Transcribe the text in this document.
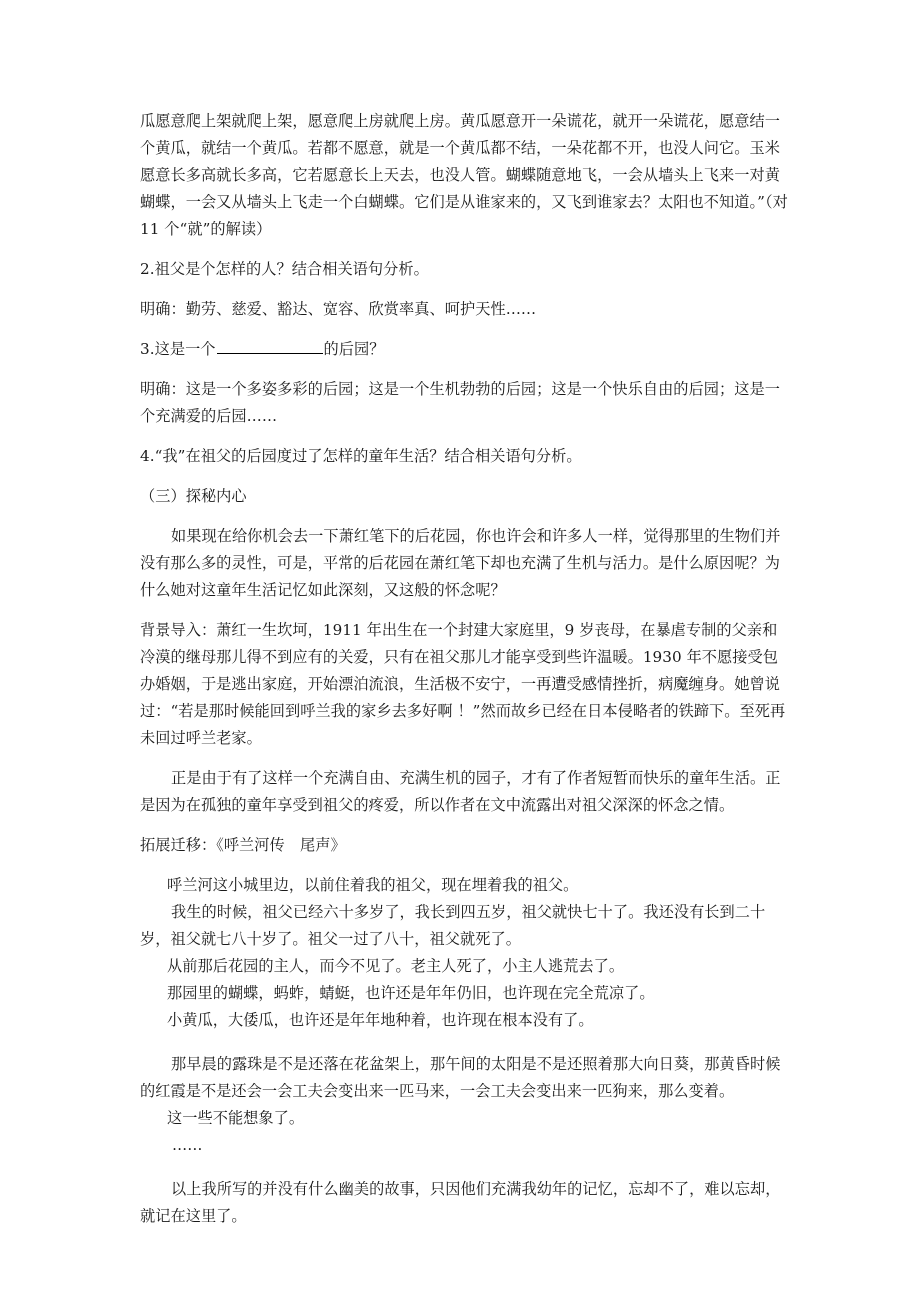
瓜愿意爬上架就爬上架，愿意爬上房就爬上房。黄瓜愿意开一朵谎花，就开一朵谎花，愿意结一个黄瓜，就结一个黄瓜。若都不愿意，就是一个黄瓜都不结，一朵花都不开，也没人问它。玉米愿意长多高就长多高，它若愿意长上天去，也没人管。蝴蝶随意地飞，一会从墙头上飞来一对黄蝴蝶，一会又从墙头上飞走一个白蝴蝶。它们是从谁家来的，又飞到谁家去？太阳也不知道。”（对 11 个“就”的解读）

2.祖父是个怎样的人？结合相关语句分析。

明确：勤劳、慈爱、豁达、宽容、欣赏率真、呵护天性……

3.这是一个	的后园？

明确：这是一个多姿多彩的后园；这是一个生机勃勃的后园；这是一个快乐自由的后园；这是一个充满爱的后园……

4.“我”在祖父的后园度过了怎样的童年生活？结合相关语句分析。

（三）探秘内心

如果现在给你机会去一下萧红笔下的后花园，你也许会和许多人一样，觉得那里的生物们并没有那么多的灵性，可是，平常的后花园在萧红笔下却也充满了生机与活力。是什么原因呢？为什么她对这童年生活记忆如此深刻，又这般的怀念呢？

背景导入：萧红一生坎坷，1911 年出生在一个封建大家庭里，9 岁丧母，在暴虐专制的父亲和冷漠的继母那儿得不到应有的关爱，只有在祖父那儿才能享受到些许温暖。1930 年不愿接受包办婚姻，于是逃出家庭，开始漂泊流浪，生活极不安宁，一再遭受感情挫折，病魔缠身。她曾说过：“若是那时候能回到呼兰我的家乡去多好啊 ！”然而故乡已经在日本侵略者的铁蹄下。至死再未回过呼兰老家。

正是由于有了这样一个充满自由、充满生机的园子，才有了作者短暂而快乐的童年生活。正是因为在孤独的童年享受到祖父的疼爱，所以作者在文中流露出对祖父深深的怀念之情。

拓展迁移：《呼兰河传　尾声》

呼兰河这小城里边，以前住着我的祖父，现在埋着我的祖父。

我生的时候，祖父已经六十多岁了，我长到四五岁，祖父就快七十了。我还没有长到二十岁，祖父就七八十岁了。祖父一过了八十，祖父就死了。

从前那后花园的主人，而今不见了。老主人死了，小主人逃荒去了。

那园里的蝴蝶，蚂蚱，蜻蜓，也许还是年年仍旧，也许现在完全荒凉了。

小黄瓜，大倭瓜，也许还是年年地种着，也许现在根本没有了。

那早晨的露珠是不是还落在花盆架上，那午间的太阳是不是还照着那大向日葵，那黄昏时候的红霞是不是还会一会工夫会变出来一匹马来，一会工夫会变出来一匹狗来，那么变着。

这一些不能想象了。

……

以上我所写的并没有什么幽美的故事，只因他们充满我幼年的记忆，忘却不了，难以忘却，就记在这里了。
